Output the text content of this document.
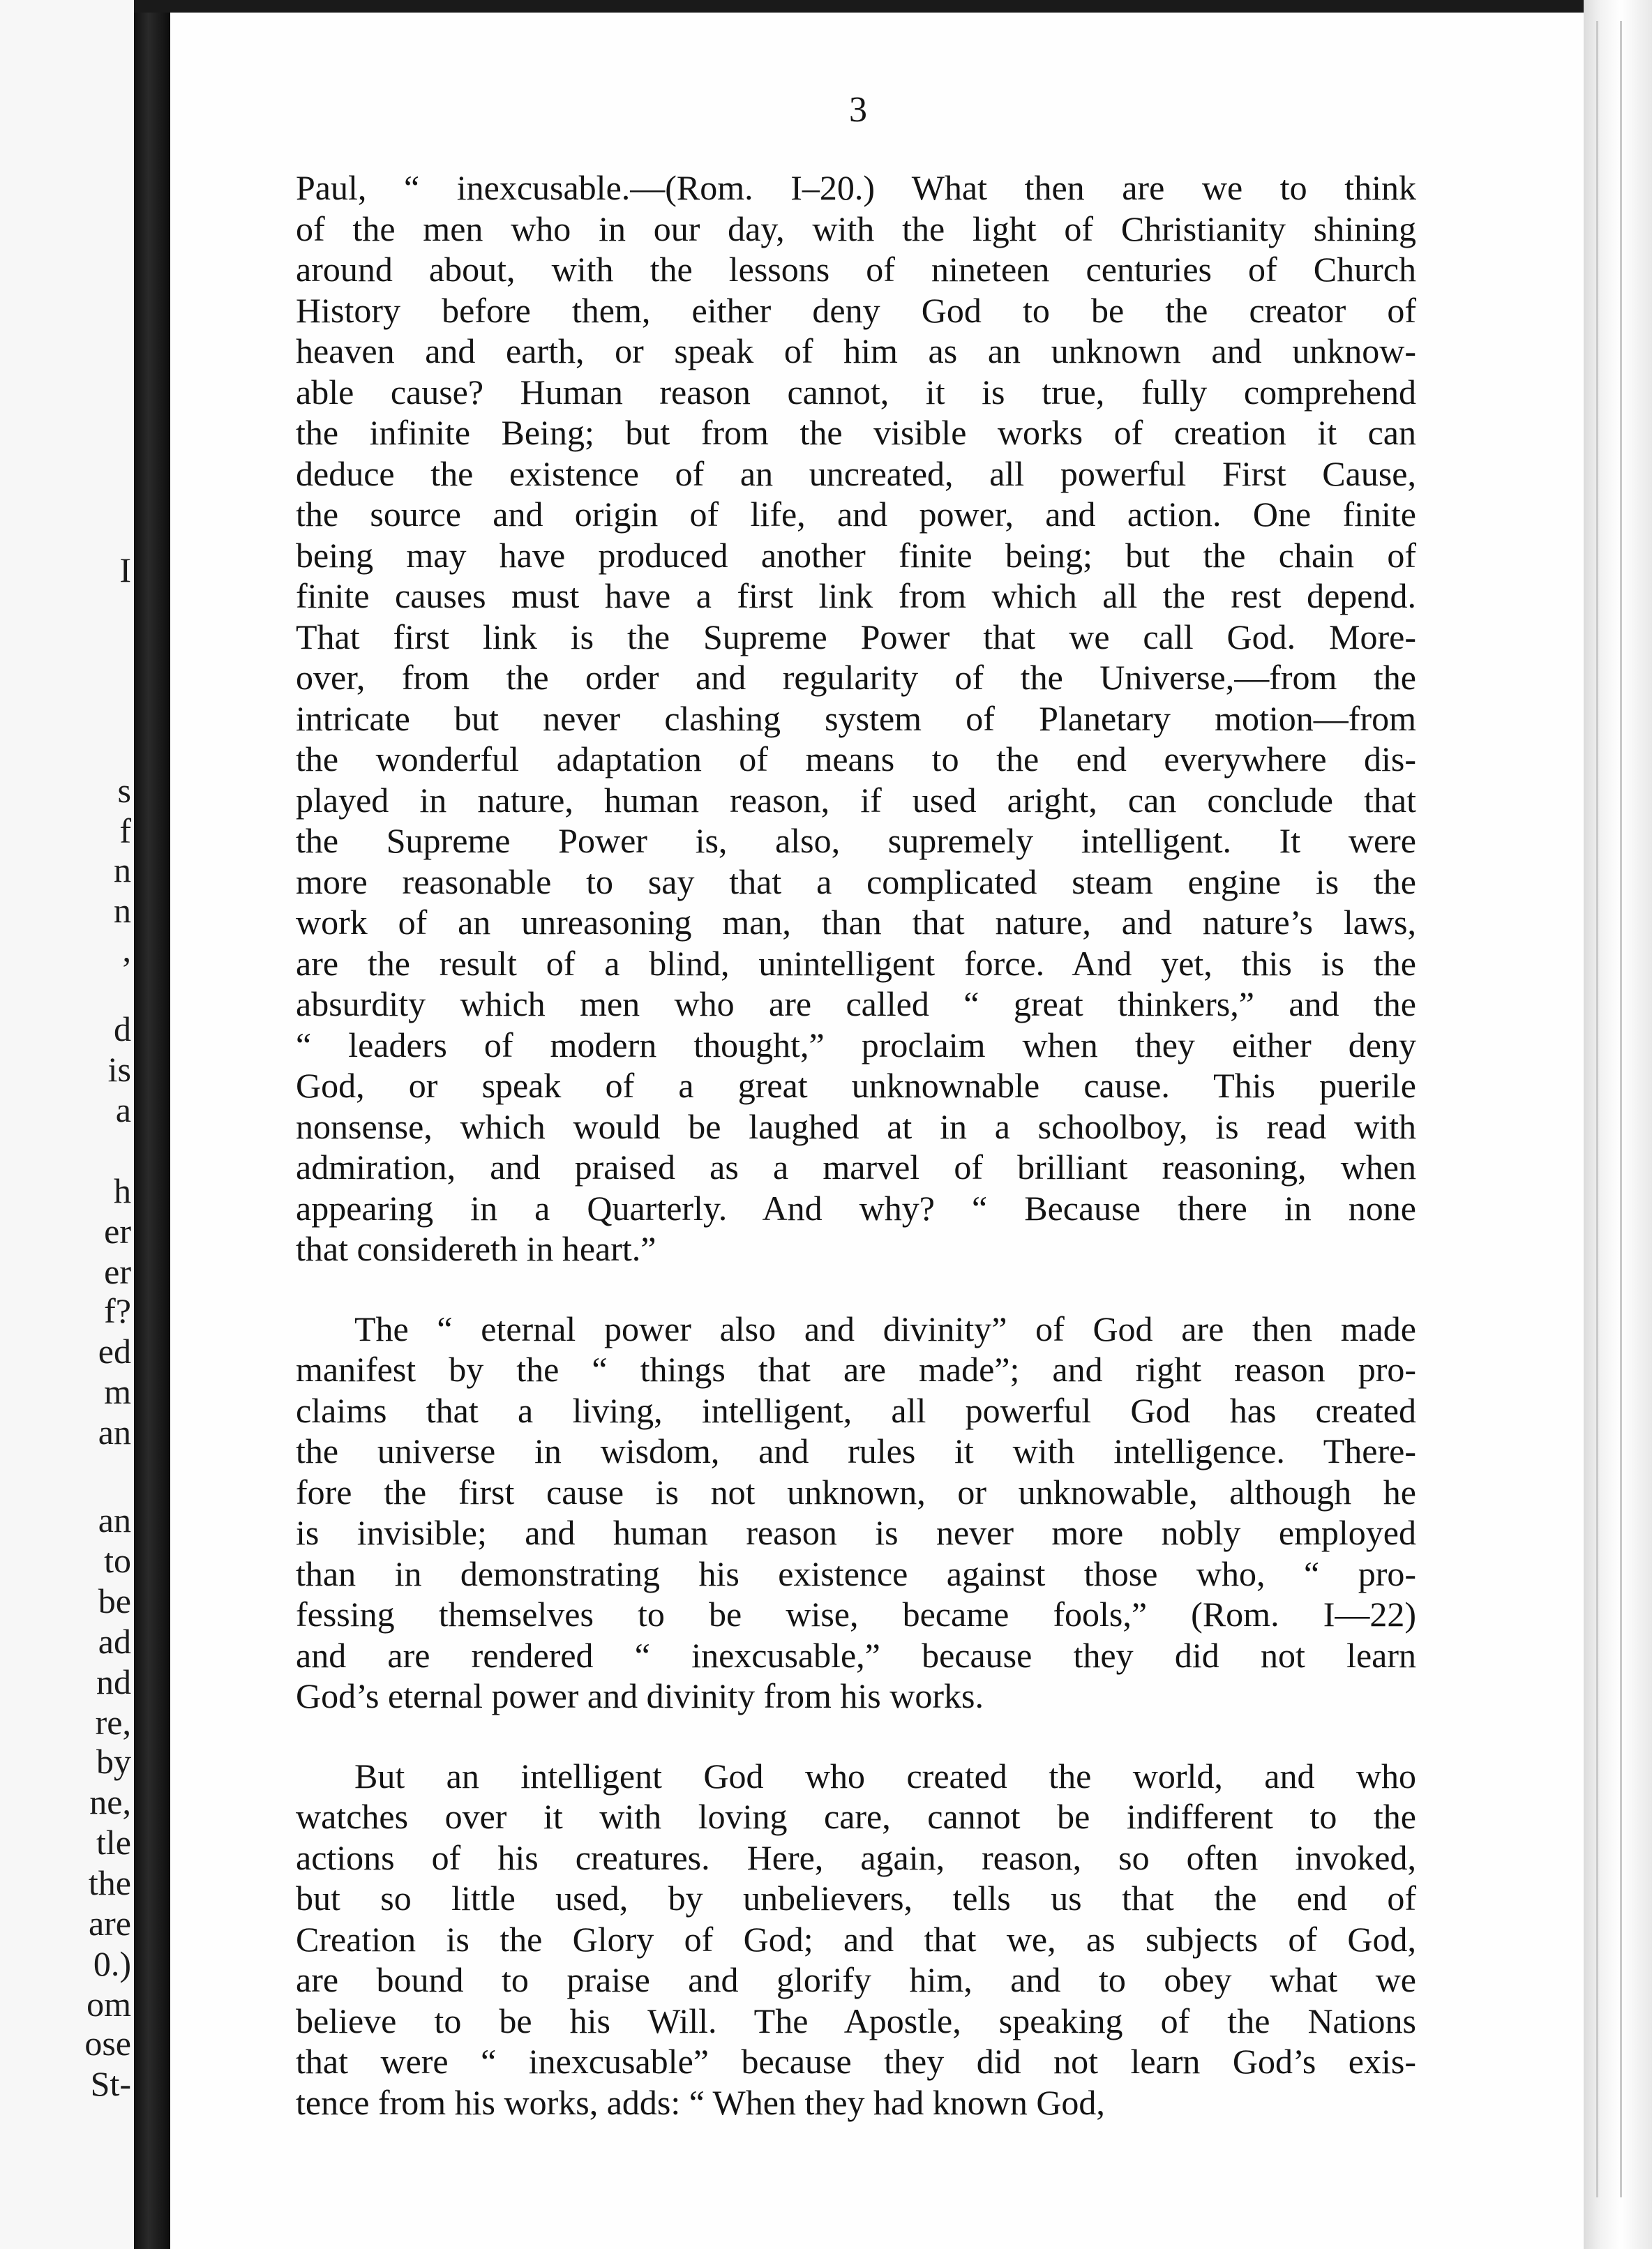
I
s
f
n
n
,
d
is
a
h
er
er
f?
ed
m
an
an
to
be
ad
nd
re,
by
ne,
tle
the
are
0.)
om
ose
St-
3
Paul, “ inexcusable.—(Rom. I–20.) What then are we to think
of the men who in our day, with the light of Christianity shining
around about, with the lessons of nineteen centuries of Church
History before them, either deny God to be the creator of
heaven and earth, or speak of him as an unknown and unknow-
able cause? Human reason cannot, it is true, fully comprehend
the infinite Being; but from the visible works of creation it can
deduce the existence of an uncreated, all powerful First Cause,
the source and origin of life, and power, and action. One finite
being may have produced another finite being; but the chain of
finite causes must have a first link from which all the rest depend.
That first link is the Supreme Power that we call God. More-
over, from the order and regularity of the Universe,—from the
intricate but never clashing system of Planetary motion—from
the wonderful adaptation of means to the end everywhere dis-
played in nature, human reason, if used aright, can conclude that
the Supreme Power is, also, supremely intelligent. It were
more reasonable to say that a complicated steam engine is the
work of an unreasoning man, than that nature, and nature’s laws,
are the result of a blind, unintelligent force. And yet, this is the
absurdity which men who are called “ great thinkers,” and the
“ leaders of modern thought,” proclaim when they either deny
God, or speak of a great unknownable cause. This puerile
nonsense, which would be laughed at in a schoolboy, is read with
admiration, and praised as a marvel of brilliant reasoning, when
appearing in a Quarterly. And why? “ Because there in none
that considereth in heart.”
The “ eternal power also and divinity” of God are then made
manifest by the “ things that are made”; and right reason pro-
claims that a living, intelligent, all powerful God has created
the universe in wisdom, and rules it with intelligence. There-
fore the first cause is not unknown, or unknowable, although he
is invisible; and human reason is never more nobly employed
than in demonstrating his existence against those who, “ pro-
fessing themselves to be wise, became fools,” (Rom. I—22)
and are rendered “ inexcusable,” because they did not learn
God’s eternal power and divinity from his works.
But an intelligent God who created the world, and who
watches over it with loving care, cannot be indifferent to the
actions of his creatures. Here, again, reason, so often invoked,
but so little used, by unbelievers, tells us that the end of
Creation is the Glory of God; and that we, as subjects of God,
are bound to praise and glorify him, and to obey what we
believe to be his Will. The Apostle, speaking of the Nations
that were “ inexcusable” because they did not learn God’s exis-
tence from his works, adds: “ When they had known God,
